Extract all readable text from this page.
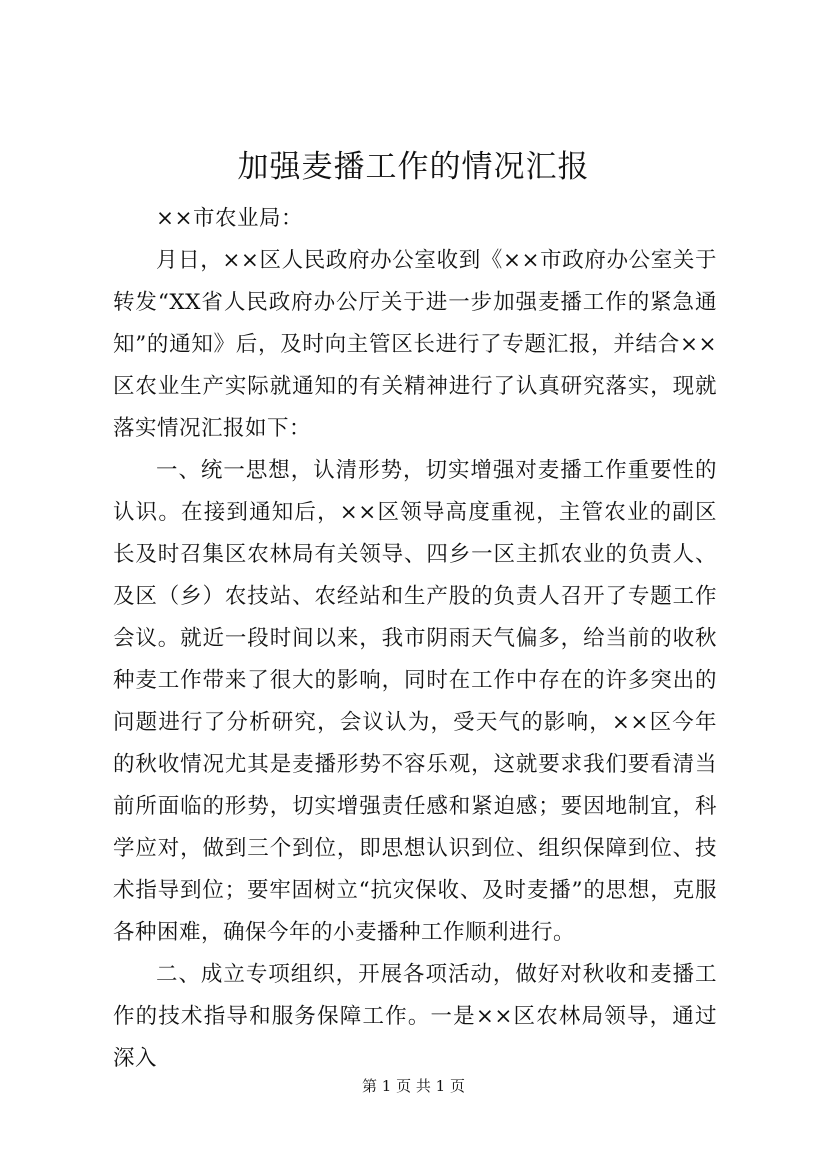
加强麦播工作的情况汇报

××市农业局：

月日，××区人民政府办公室收到《××市政府办公室关于转发“XX省人民政府办公厅关于进一步加强麦播工作的紧急通知”的通知》后，及时向主管区长进行了专题汇报，并结合××区农业生产实际就通知的有关精神进行了认真研究落实，现就落实情况汇报如下：

一、统一思想，认清形势，切实增强对麦播工作重要性的认识。在接到通知后，××区领导高度重视，主管农业的副区长及时召集区农林局有关领导、四乡一区主抓农业的负责人、及区（乡）农技站、农经站和生产股的负责人召开了专题工作会议。就近一段时间以来，我市阴雨天气偏多，给当前的收秋种麦工作带来了很大的影响，同时在工作中存在的许多突出的问题进行了分析研究，会议认为，受天气的影响，××区今年的秋收情况尤其是麦播形势不容乐观，这就要求我们要看清当前所面临的形势，切实增强责任感和紧迫感；要因地制宜，科学应对，做到三个到位，即思想认识到位、组织保障到位、技术指导到位；要牢固树立“抗灾保收、及时麦播”的思想，克服各种困难，确保今年的小麦播种工作顺利进行。

二、成立专项组织，开展各项活动，做好对秋收和麦播工作的技术指导和服务保障工作。一是××区农林局领导，通过深入

第 1 页 共 1 页
